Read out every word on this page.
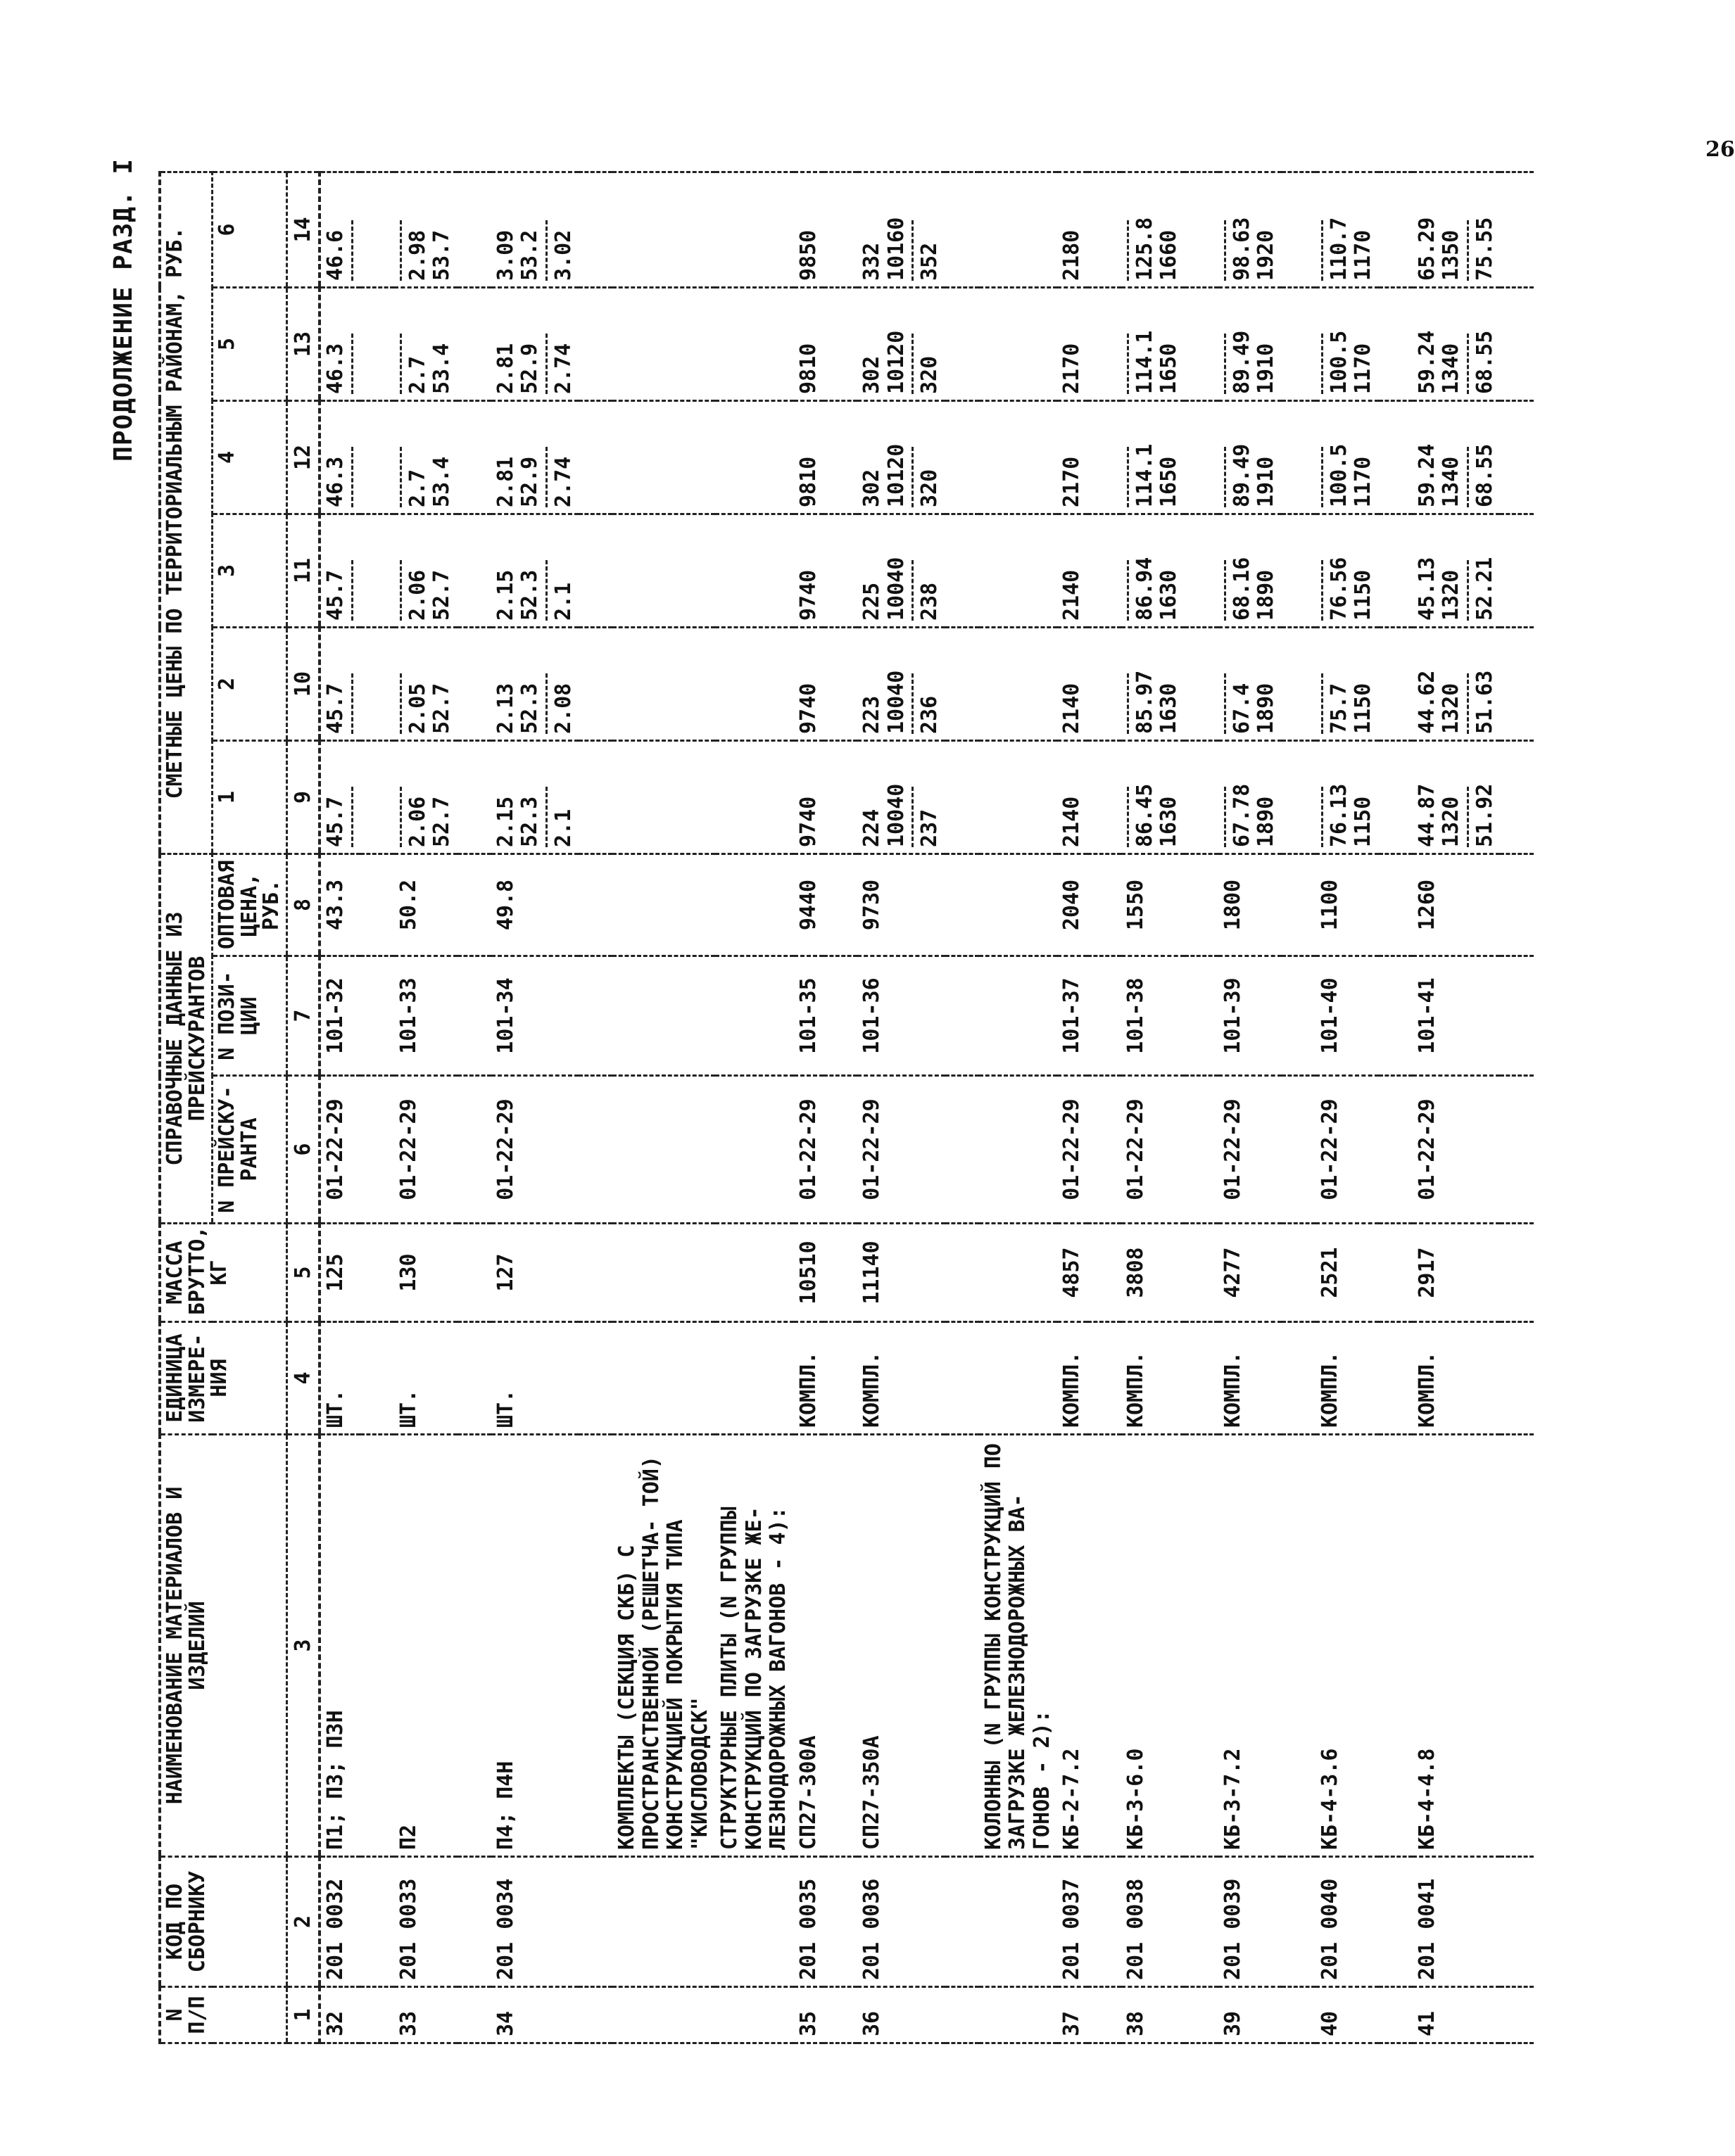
ПРОДОЛЖЕНИЕ РАЗД. I
26
N П/П	КОД ПО СБОРНИКУ	НАИМЕНОВАНИЕ МАТЕРИАЛОВ И ИЗДЕЛИЙ	ЕДИНИЦА ИЗМЕРЕ- НИЯ	МАССА БРУТТО, КГ	СПРАВОЧНЫЕ ДАННЫЕ ИЗ ПРЕЙСКУРАНТОВ			СМЕТНЫЕ ЦЕНЫ ПО ТЕРРИТОРИАЛЬНЫМ РАЙОНАМ, РУБ.					
					N ПРЕЙСКУ- РАНТА	N ПОЗИ- ЦИИ	ОПТОВАЯ ЦЕНА, РУБ.	1	2	3	4	5	6
1	2	3	4	5	6	7	8	9	10	11	12	13	14
32	201 0032	П1; П3; П3Н	ШТ.	125	01-22-29	101-32	43.3	45.7	45.7	45.7	46.3	46.3	46.6

33	201 0033	П2	ШТ.	130	01-22-29	101-33	50.2	2.06 52.7	2.05 52.7	2.06 52.7	2.7 53.4	2.7 53.4	2.98 53.7

34	201 0034	П4; П4Н	ШТ.	127	01-22-29	101-34	49.8	2.15 52.3 2.1	2.13 52.3 2.08	2.15 52.3 2.1	2.81 52.9 2.74	2.81 52.9 2.74	3.09 53.2 3.02

		КОМПЛЕКТЫ (СЕКЦИЯ СКБ) С ПРОСТРАНСТВЕННОЙ (РЕШЕТЧА- ТОЙ) КОНСТРУКЦИЕЙ ПОКРЫТИЯ ТИПА "КИСЛОВОДСК"											
		СТРУКТУРНЫЕ ПЛИТЫ (N ГРУППЫ КОНСТРУКЦИЙ ПО ЗАГРУЗКЕ ЖЕ- ЛЕЗНОДОРОЖНЫХ ВАГОНОВ - 4):											
35	201 0035	СП27-300А	КОМПЛ.	10510	01-22-29	101-35	9440	9740	9740	9740	9810	9810	9850

36	201 0036	СП27-350А	КОМПЛ.	11140	01-22-29	101-36	9730	224 10040 237	223 10040 236	225 10040 238	302 10120 320	302 10120 320	332 10160 352

		КОЛОННЫ (N ГРУППЫ КОНСТРУКЦИЙ ПО ЗАГРУЗКЕ ЖЕЛЕЗНОДОРОЖНЫХ ВА- ГОНОВ - 2):											
37	201 0037	КБ-2-7.2	КОМПЛ.	4857	01-22-29	101-37	2040	2140	2140	2140	2170	2170	2180

38	201 0038	КБ-3-6.0	КОМПЛ.	3808	01-22-29	101-38	1550	86.45 1630	85.97 1630	86.94 1630	114.1 1650	114.1 1650	125.8 1660

39	201 0039	КБ-3-7.2	КОМПЛ.	4277	01-22-29	101-39	1800	67.78 1890	67.4 1890	68.16 1890	89.49 1910	89.49 1910	98.63 1920

40	201 0040	КБ-4-3.6	КОМПЛ.	2521	01-22-29	101-40	1100	76.13 1150	75.7 1150	76.56 1150	100.5 1170	100.5 1170	110.7 1170

41	201 0041	КБ-4-4.8	КОМПЛ.	2917	01-22-29	101-41	1260	44.87 1320 51.92	44.62 1320 51.63	45.13 1320 52.21	59.24 1340 68.55	59.24 1340 68.55	65.29 1350 75.55
